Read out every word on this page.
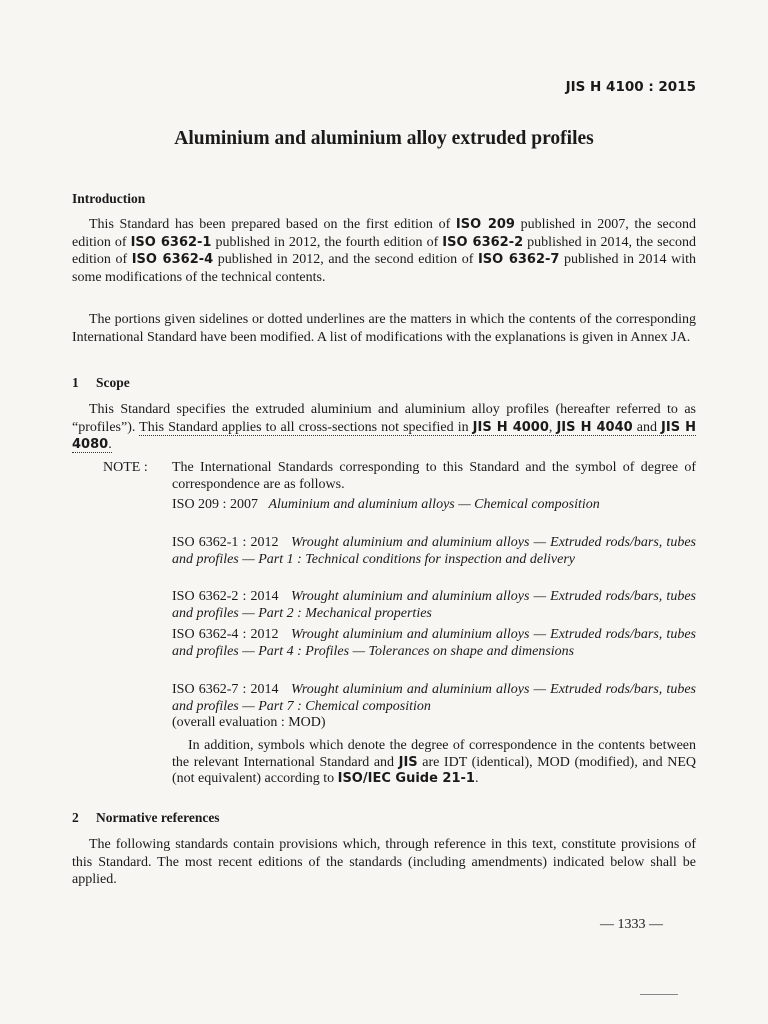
JIS H 4100 : 2015
Aluminium and aluminium alloy extruded profiles
Introduction
This Standard has been prepared based on the first edition of ISO 209 published in 2007, the second edition of ISO 6362-1 published in 2012, the fourth edition of ISO 6362-2 published in 2014, the second edition of ISO 6362-4 published in 2012, and the second edition of ISO 6362-7 published in 2014 with some modifications of the technical contents.
The portions given sidelines or dotted underlines are the matters in which the contents of the corresponding International Standard have been modified. A list of modifications with the explanations is given in Annex JA.
1 Scope
This Standard specifies the extruded aluminium and aluminium alloy profiles (hereafter referred to as “profiles”). This Standard applies to all cross-sections not specified in JIS H 4000, JIS H 4040 and JIS H 4080.
NOTE : The International Standards corresponding to this Standard and the symbol of degree of correspondence are as follows.
ISO 209 : 2007 Aluminium and aluminium alloys — Chemical composition
ISO 6362-1 : 2012 Wrought aluminium and aluminium alloys — Extruded rods/bars, tubes and profiles — Part 1 : Technical conditions for inspection and delivery
ISO 6362-2 : 2014 Wrought aluminium and aluminium alloys — Extruded rods/bars, tubes and profiles — Part 2 : Mechanical properties
ISO 6362-4 : 2012 Wrought aluminium and aluminium alloys — Extruded rods/bars, tubes and profiles — Part 4 : Profiles — Tolerances on shape and dimensions
ISO 6362-7 : 2014 Wrought aluminium and aluminium alloys — Extruded rods/bars, tubes and profiles — Part 7 : Chemical composition
(overall evaluation : MOD)
In addition, symbols which denote the degree of correspondence in the contents between the relevant International Standard and JIS are IDT (identical), MOD (modified), and NEQ (not equivalent) according to ISO/IEC Guide 21-1.
2 Normative references
The following standards contain provisions which, through reference in this text, constitute provisions of this Standard. The most recent editions of the standards (including amendments) indicated below shall be applied.
— 1333 —
